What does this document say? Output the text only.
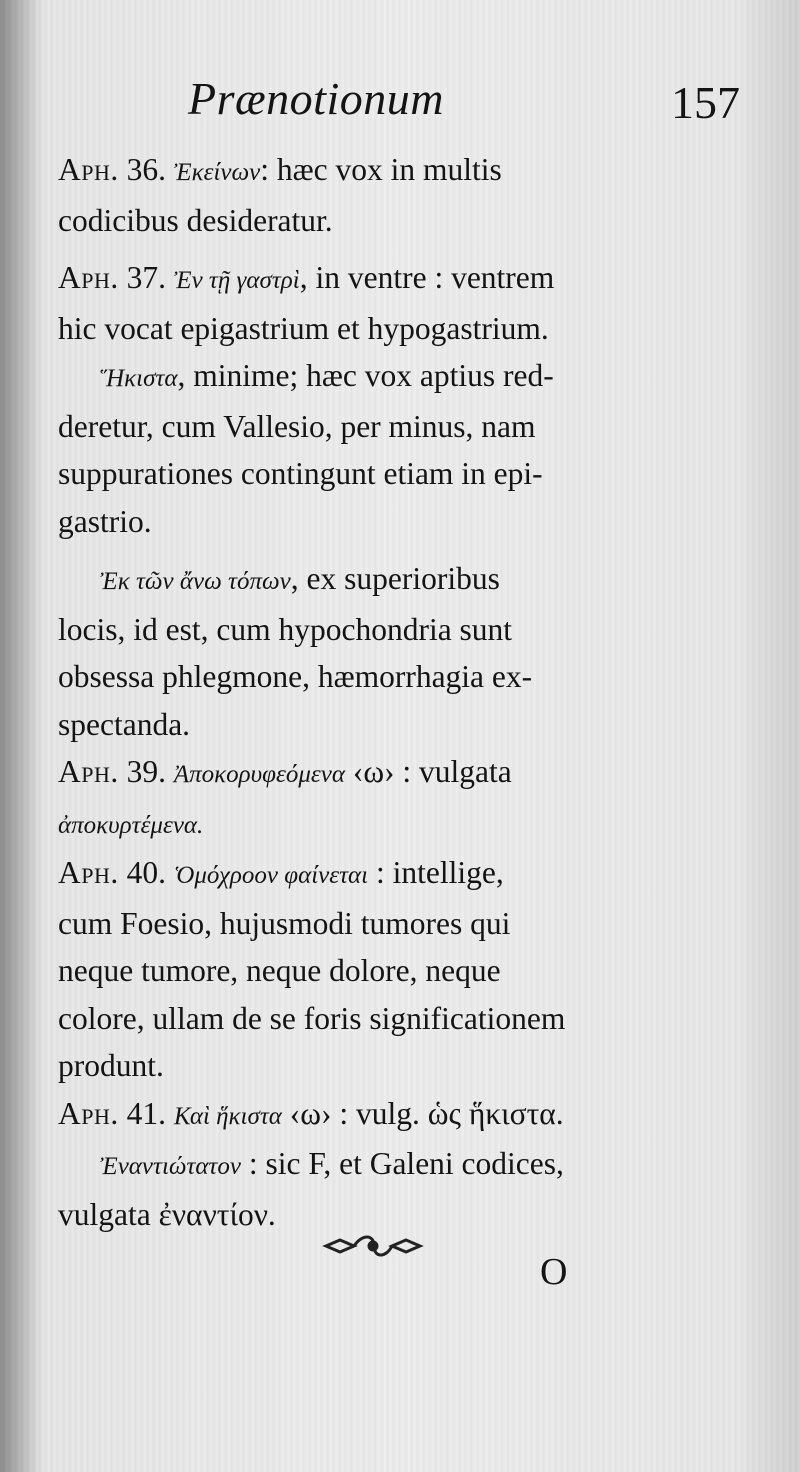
Prænotionum	157
Aph. 36. Ἐκείνων: hæc vox in multis
codicibus desideratur.
Aph. 37. Ἐν τῇ γαστρὶ, in ventre : ventrem
hic vocat epigastrium et hypogastrium.
Ἥκιστα, minime; hæc vox aptius red-
deretur, cum Vallesio, per minus, nam
suppurationes contingunt etiam in epi-
gastrio.
Ἐκ τῶν ἄνω τόπων, ex superioribus
locis, id est, cum hypochondria sunt
obsessa phlegmone, hæmorrhagia ex-
spectanda.
Aph. 39. Ἀποκορυφεόμενα ‹ω› : vulgata
ἀποκυρτέμενα.
Aph. 40. Ὁμόχροον φαίνεται : intellige,
cum Foesio, hujusmodi tumores qui
neque tumore, neque dolore, neque
colore, ullam de se foris significationem
produnt.
Aph. 41. Καὶ ἥκιστα ‹ω› : vulg. ὡς ἥκιστα.
Ἐναντιώτατον : sic F, et Galeni codices,
vulgata ἐναντίον.
O
